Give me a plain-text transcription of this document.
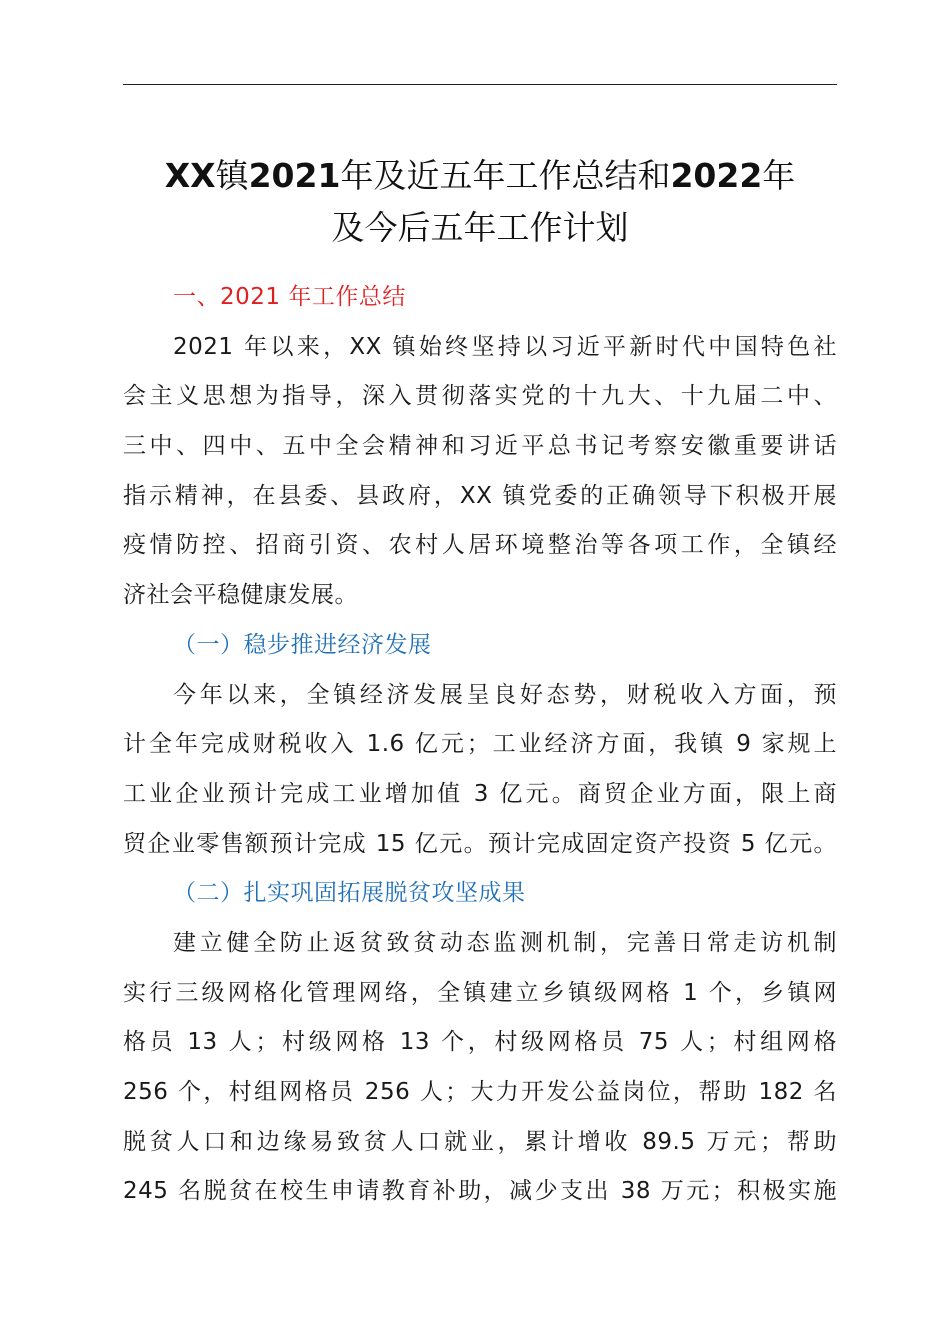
XX镇2021年及近五年工作总结和2022年
及今后五年工作计划
一、2021 年工作总结
2021 年以来，XX 镇始终坚持以习近平新时代中国特色社
会主义思想为指导，深入贯彻落实党的十九大、十九届二中、
三中、四中、五中全会精神和习近平总书记考察安徽重要讲话
指示精神，在县委、县政府，XX 镇党委的正确领导下积极开展
疫情防控、招商引资、农村人居环境整治等各项工作，全镇经
济社会平稳健康发展。
（一）稳步推进经济发展
今年以来，全镇经济发展呈良好态势，财税收入方面，预
计全年完成财税收入 1.6 亿元；工业经济方面，我镇 9 家规上
工业企业预计完成工业增加值 3 亿元。商贸企业方面，限上商
贸企业零售额预计完成 15 亿元。预计完成固定资产投资 5 亿元。
（二）扎实巩固拓展脱贫攻坚成果
建立健全防止返贫致贫动态监测机制，完善日常走访机制
实行三级网格化管理网络，全镇建立乡镇级网格 1 个，乡镇网
格员 13 人；村级网格 13 个，村级网格员 75 人；村组网格
256 个，村组网格员 256 人；大力开发公益岗位，帮助 182 名
脱贫人口和边缘易致贫人口就业，累计增收 89.5 万元；帮助
245 名脱贫在校生申请教育补助，减少支出 38 万元；积极实施
